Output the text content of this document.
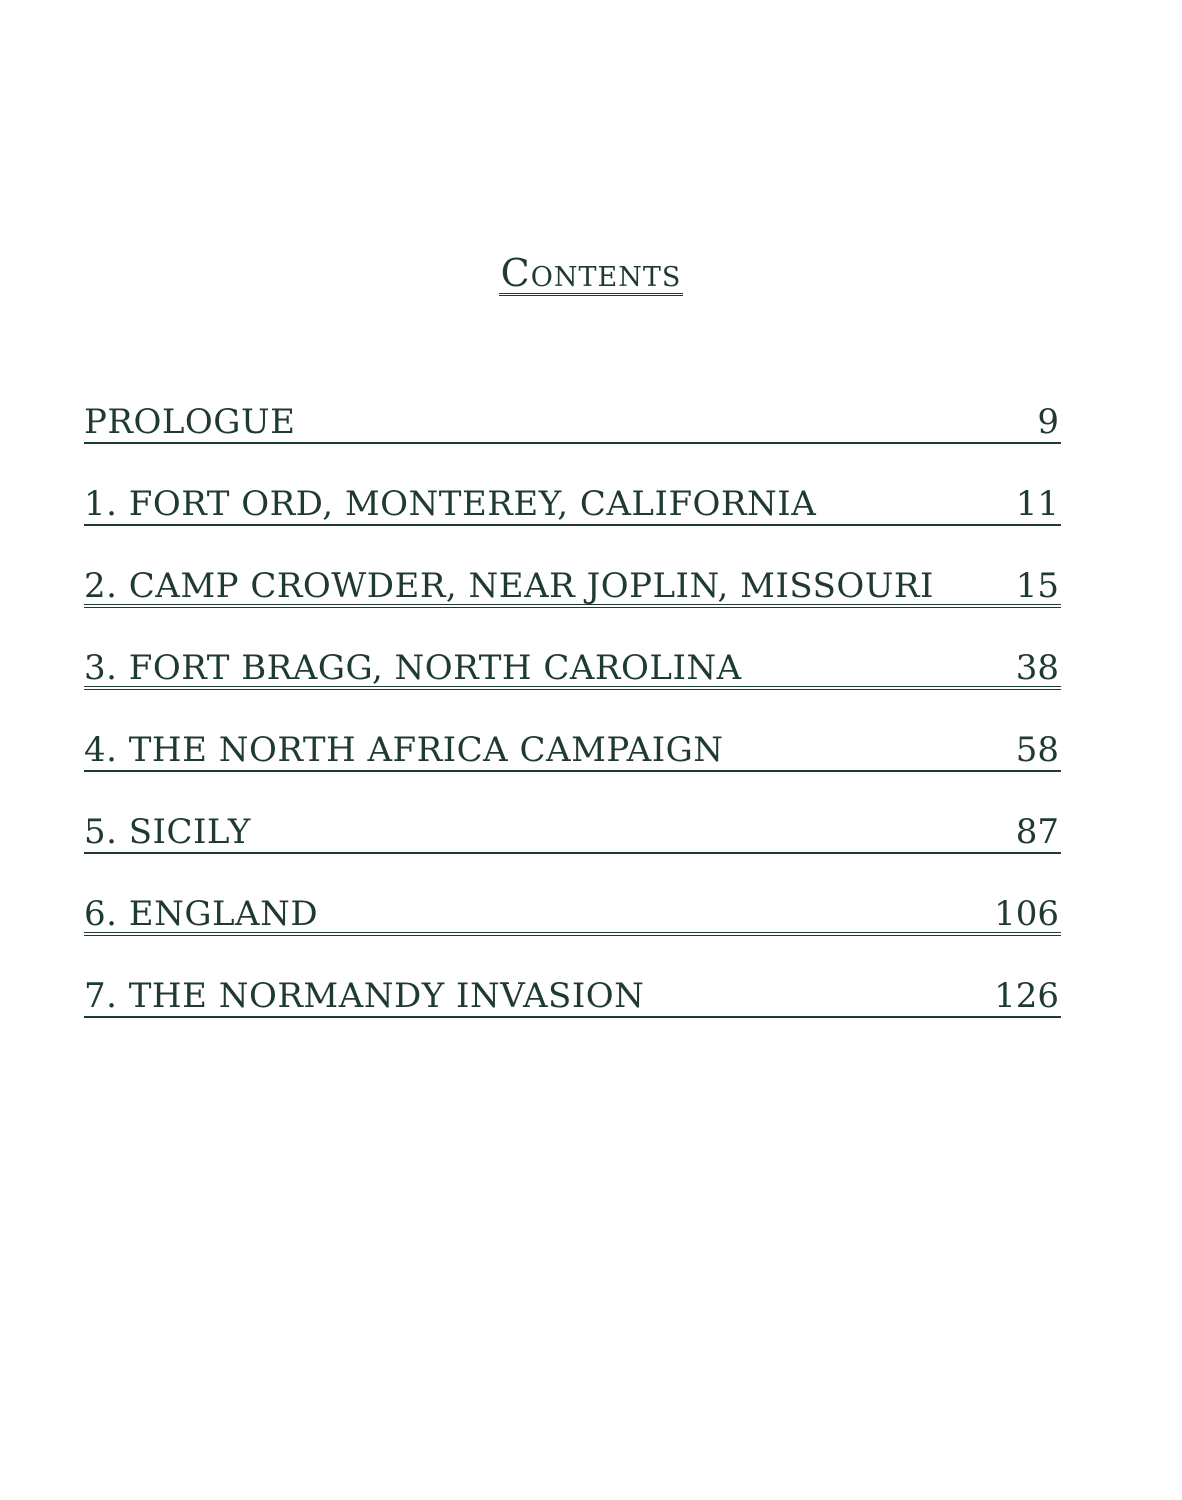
Contents
PROLOGUE	9
1. FORT ORD, MONTEREY, CALIFORNIA	11
2. CAMP CROWDER, NEAR JOPLIN, MISSOURI 15
3. FORT BRAGG, NORTH CAROLINA	38
4. THE NORTH AFRICA CAMPAIGN	58
5. SICILY	87
6. ENGLAND	106
7. THE NORMANDY INVASION	126
